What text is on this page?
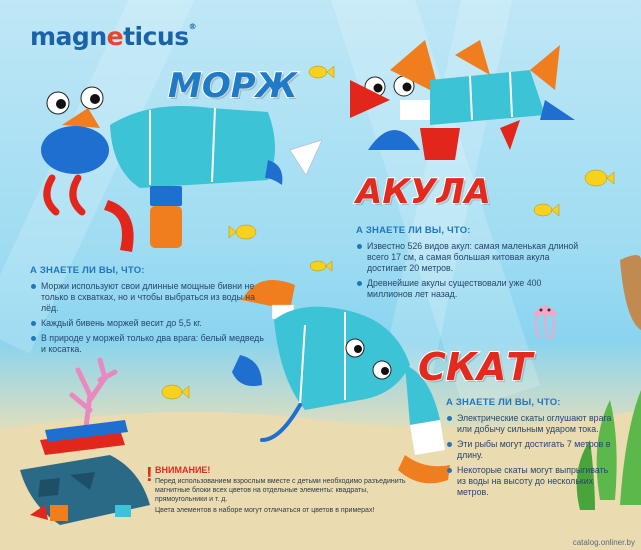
magneticus®
МОРЖ
АКУЛА
СКАТ
А ЗНАЕТЕ ЛИ ВЫ, ЧТО:
Моржи используют свои длинные мощные бивни не только в схватках, но и чтобы выбраться из воды на лёд.
Каждый бивень моржей весит до 5,5 кг.
В природе у моржей только два врага: белый медведь и косатка.
А ЗНАЕТЕ ЛИ ВЫ, ЧТО:
Известно 526 видов акул: самая маленькая длиной всего 17 см, а самая большая китовая акула достигает 20 метров.
Древнейшие акулы существовали уже 400 миллионов лет назад.
А ЗНАЕТЕ ЛИ ВЫ, ЧТО:
Электрические скаты оглушают врага или добычу сильным ударом тока.
Эти рыбы могут достигать 7 метров в длину.
Некоторые скаты могут выпрыгивать из воды на высоту до нескольких метров.
! ВНИМАНИЕ!

Перед использованием взрослым вместе с детьми необходимо разъединить магнитные блоки всех цветов на отдельные элементы: квадраты, прямоугольники и т. д.

Цвета элементов в наборе могут отличаться от цветов в примерах!

catalog.onliner.by
